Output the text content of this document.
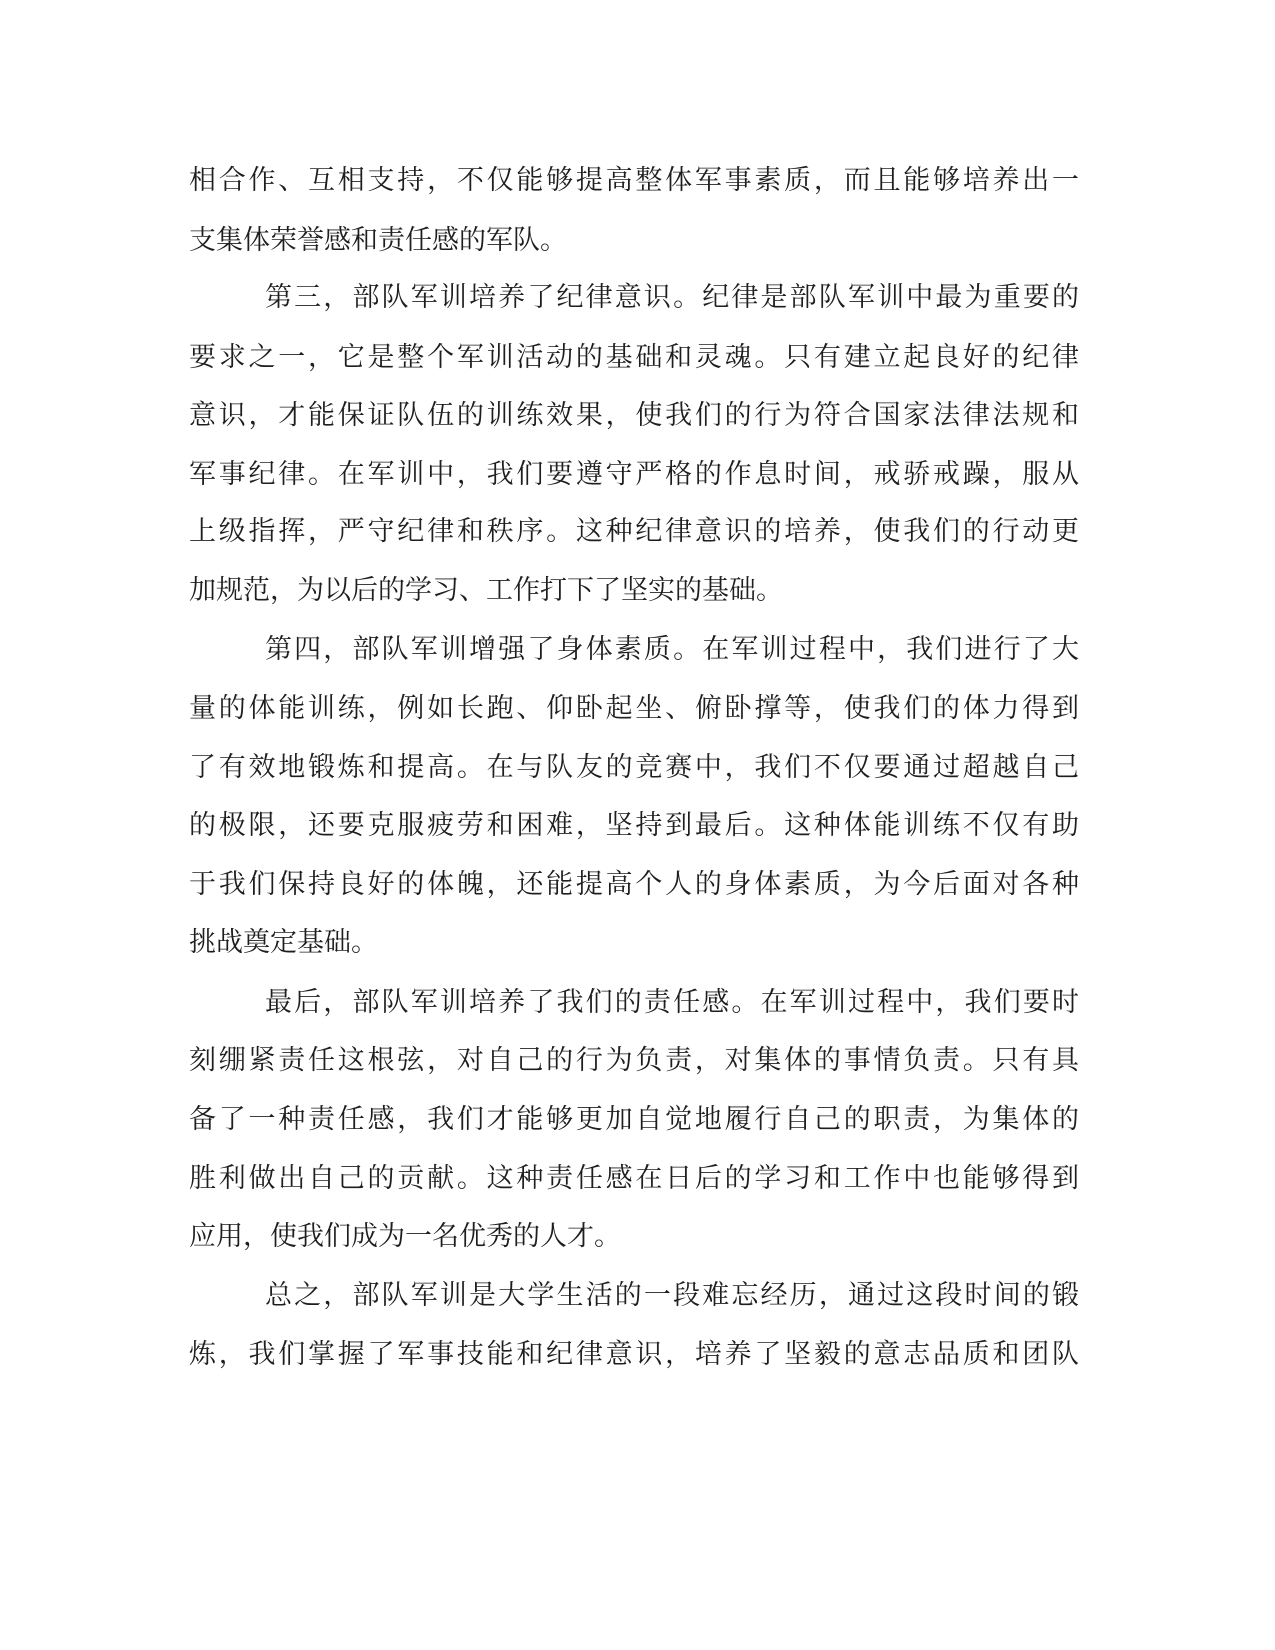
相合作、互相支持，不仅能够提高整体军事素质，而且能够培养出一
支集体荣誉感和责任感的军队。
第三，部队军训培养了纪律意识。纪律是部队军训中最为重要的
要求之一，它是整个军训活动的基础和灵魂。只有建立起良好的纪律
意识，才能保证队伍的训练效果，使我们的行为符合国家法律法规和
军事纪律。在军训中，我们要遵守严格的作息时间，戒骄戒躁，服从
上级指挥，严守纪律和秩序。这种纪律意识的培养，使我们的行动更
加规范，为以后的学习、工作打下了坚实的基础。
第四，部队军训增强了身体素质。在军训过程中，我们进行了大
量的体能训练，例如长跑、仰卧起坐、俯卧撑等，使我们的体力得到
了有效地锻炼和提高。在与队友的竞赛中，我们不仅要通过超越自己
的极限，还要克服疲劳和困难，坚持到最后。这种体能训练不仅有助
于我们保持良好的体魄，还能提高个人的身体素质，为今后面对各种
挑战奠定基础。
最后，部队军训培养了我们的责任感。在军训过程中，我们要时
刻绷紧责任这根弦，对自己的行为负责，对集体的事情负责。只有具
备了一种责任感，我们才能够更加自觉地履行自己的职责，为集体的
胜利做出自己的贡献。这种责任感在日后的学习和工作中也能够得到
应用，使我们成为一名优秀的人才。
总之，部队军训是大学生活的一段难忘经历，通过这段时间的锻
炼，我们掌握了军事技能和纪律意识，培养了坚毅的意志品质和团队
